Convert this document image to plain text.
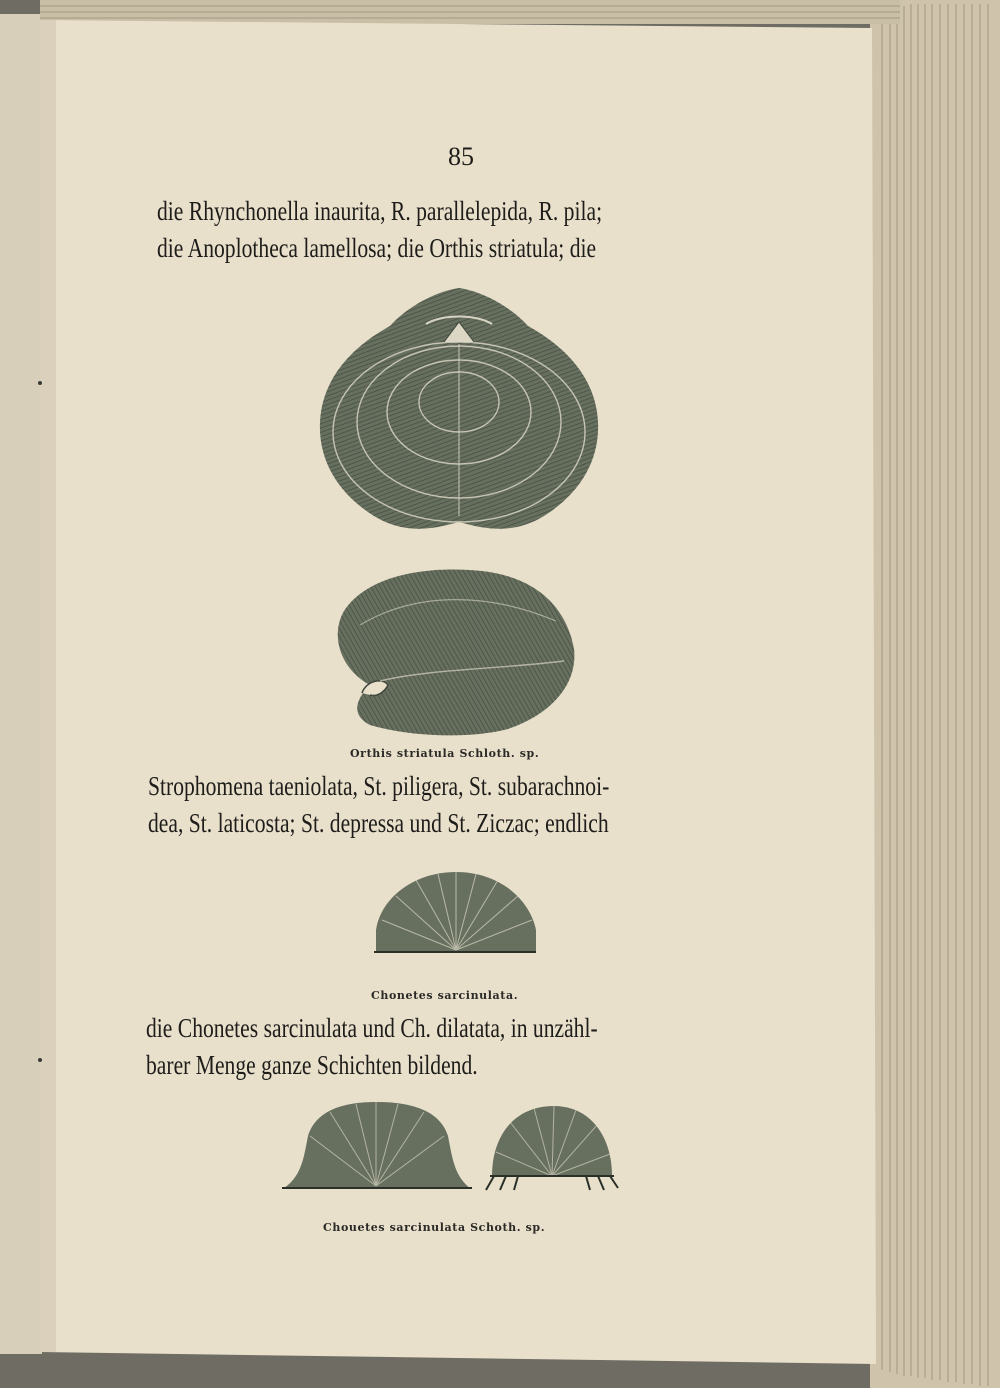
85
die Rhynchonella inaurita, R. parallelepida, R. pila;
die Anoplotheca lamellosa; die Orthis striatula; die
Orthis striatula Schloth. sp.
Strophomena taeniolata, St. piligera, St. subarachnoi-
dea, St. laticosta; St. depressa und St. Ziczac; endlich
Chonetes sarcinulata.
die Chonetes sarcinulata und Ch. dilatata, in unzähl-
barer Menge ganze Schichten bildend.
Chouetes sarcinulata Schoth. sp.
